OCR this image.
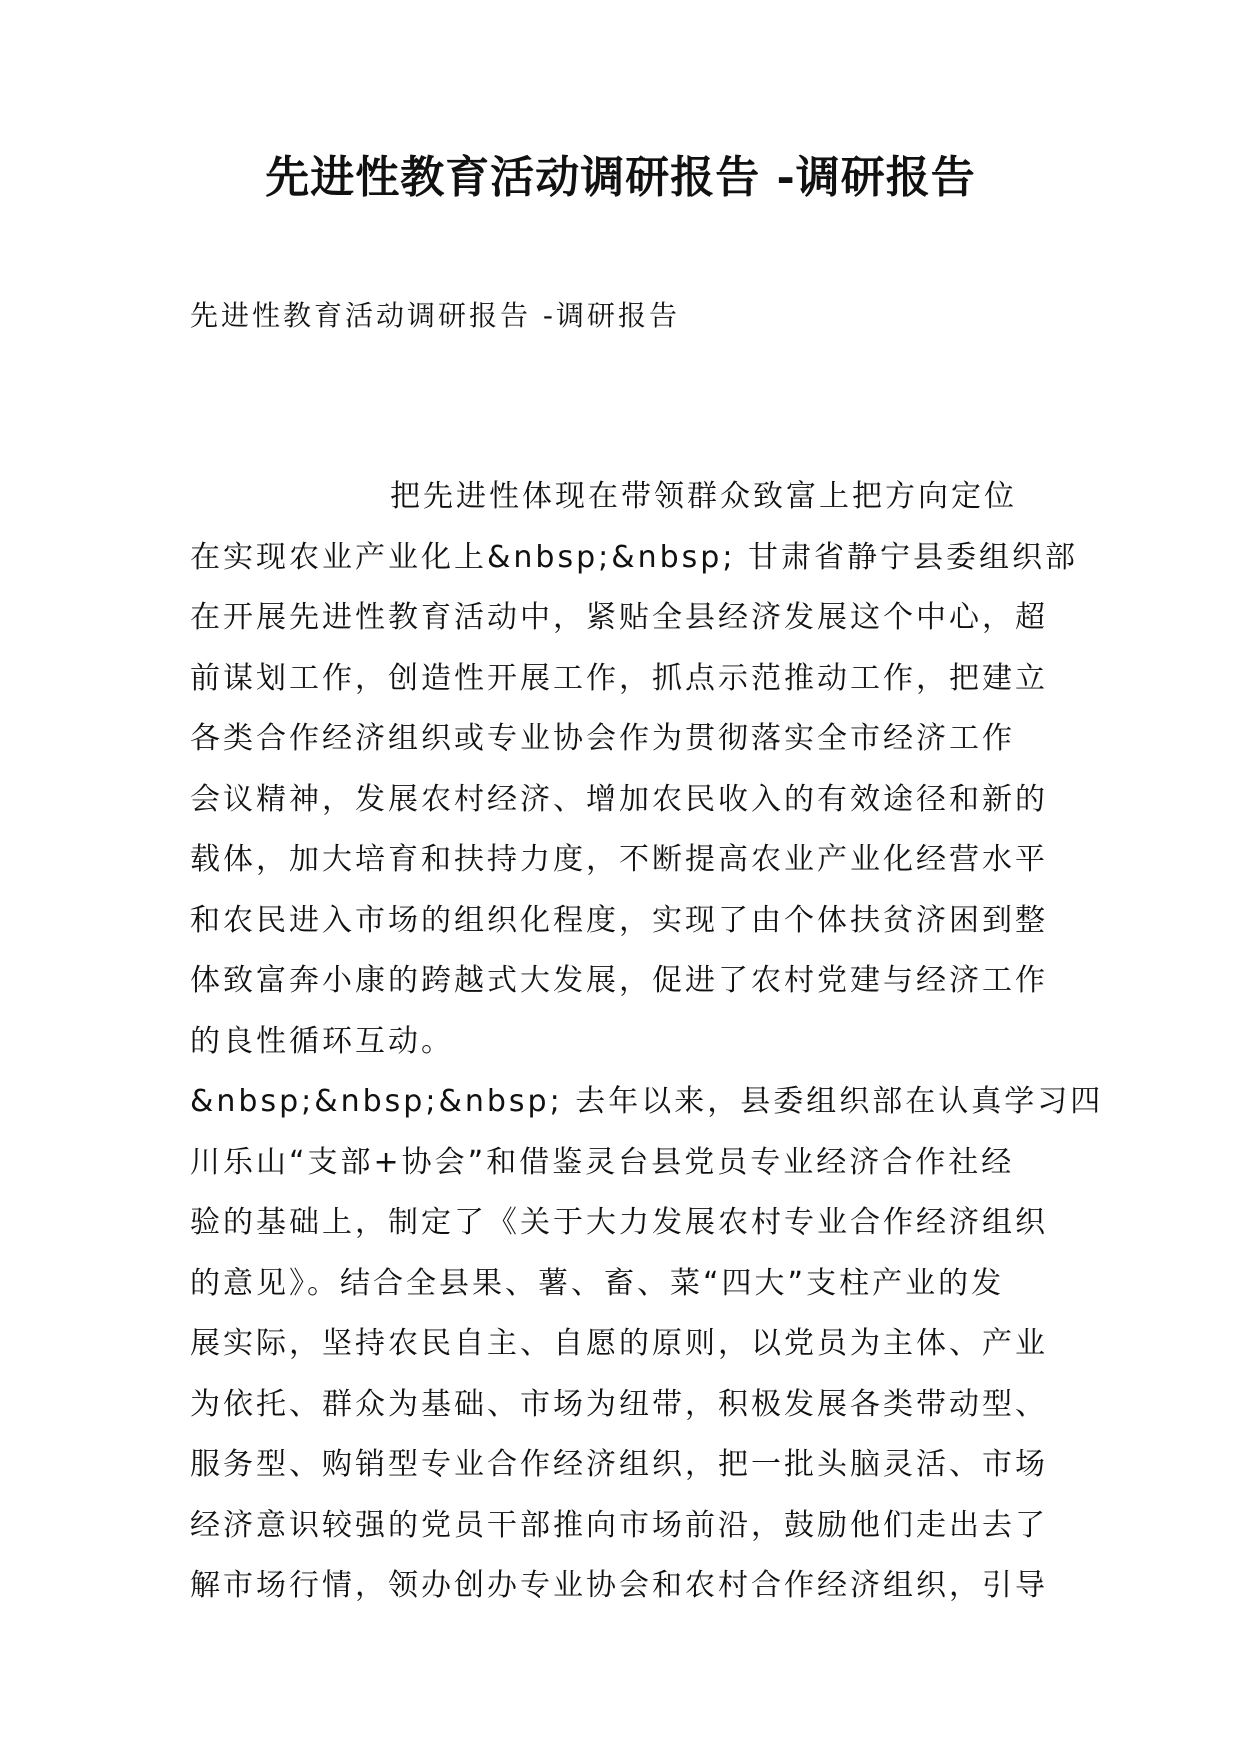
先进性教育活动调研报告 -调研报告

先进性教育活动调研报告 -调研报告

把先进性体现在带领群众致富上把方向定位
在实现农业产业化上&nbsp;&nbsp; 甘肃省静宁县委组织部
在开展先进性教育活动中，紧贴全县经济发展这个中心，超
前谋划工作，创造性开展工作，抓点示范推动工作，把建立
各类合作经济组织或专业协会作为贯彻落实全市经济工作
会议精神，发展农村经济、增加农民收入的有效途径和新的
载体，加大培育和扶持力度，不断提高农业产业化经营水平
和农民进入市场的组织化程度，实现了由个体扶贫济困到整
体致富奔小康的跨越式大发展，促进了农村党建与经济工作
的良性循环互动。
&nbsp;&nbsp;&nbsp; 去年以来，县委组织部在认真学习四
川乐山“支部+协会”和借鉴灵台县党员专业经济合作社经
验的基础上，制定了《关于大力发展农村专业合作经济组织
的意见》。结合全县果、薯、畜、菜“四大”支柱产业的发
展实际，坚持农民自主、自愿的原则，以党员为主体、产业
为依托、群众为基础、市场为纽带，积极发展各类带动型、
服务型、购销型专业合作经济组织，把一批头脑灵活、市场
经济意识较强的党员干部推向市场前沿，鼓励他们走出去了
解市场行情，领办创办专业协会和农村合作经济组织，引导
